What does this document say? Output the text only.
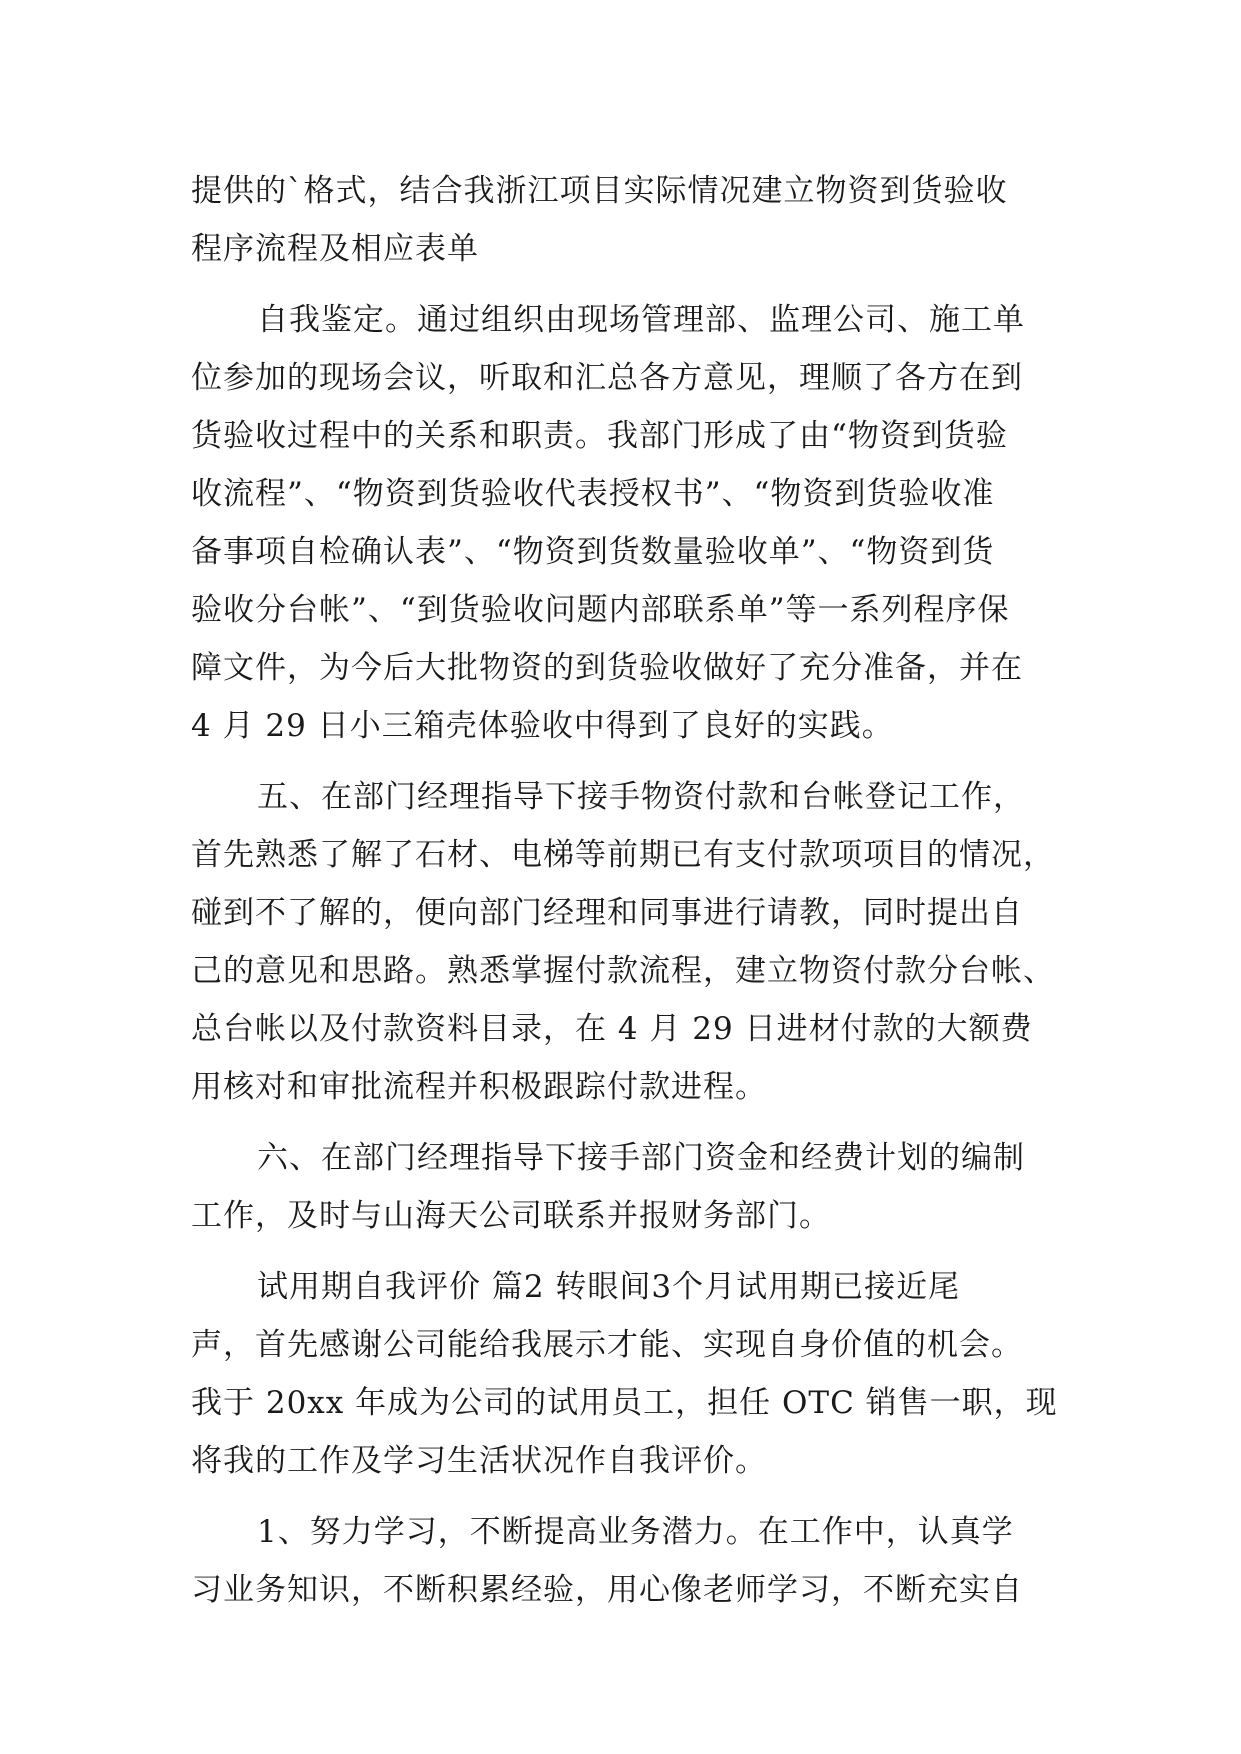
提供的`格式，结合我浙江项目实际情况建立物资到货验收
程序流程及相应表单
自我鉴定。通过组织由现场管理部、监理公司、施工单
位参加的现场会议，听取和汇总各方意见，理顺了各方在到
货验收过程中的关系和职责。我部门形成了由“物资到货验
收流程”、“物资到货验收代表授权书”、“物资到货验收准
备事项自检确认表”、“物资到货数量验收单”、“物资到货
验收分台帐”、“到货验收问题内部联系单”等一系列程序保
障文件，为今后大批物资的到货验收做好了充分准备，并在
4 月 29 日小三箱壳体验收中得到了良好的实践。
五、在部门经理指导下接手物资付款和台帐登记工作，
首先熟悉了解了石材、电梯等前期已有支付款项项目的情况，
碰到不了解的，便向部门经理和同事进行请教，同时提出自
己的意见和思路。熟悉掌握付款流程，建立物资付款分台帐、
总台帐以及付款资料目录，在 4 月 29 日进材付款的大额费
用核对和审批流程并积极跟踪付款进程。
六、在部门经理指导下接手部门资金和经费计划的编制
工作，及时与山海天公司联系并报财务部门。
试用期自我评价 篇2 转眼间3个月试用期已接近尾
声，首先感谢公司能给我展示才能、实现自身价值的机会。
我于 20xx 年成为公司的试用员工，担任 OTC 销售一职，现
将我的工作及学习生活状况作自我评价。
1、努力学习，不断提高业务潜力。在工作中，认真学
习业务知识，不断积累经验，用心像老师学习，不断充实自
